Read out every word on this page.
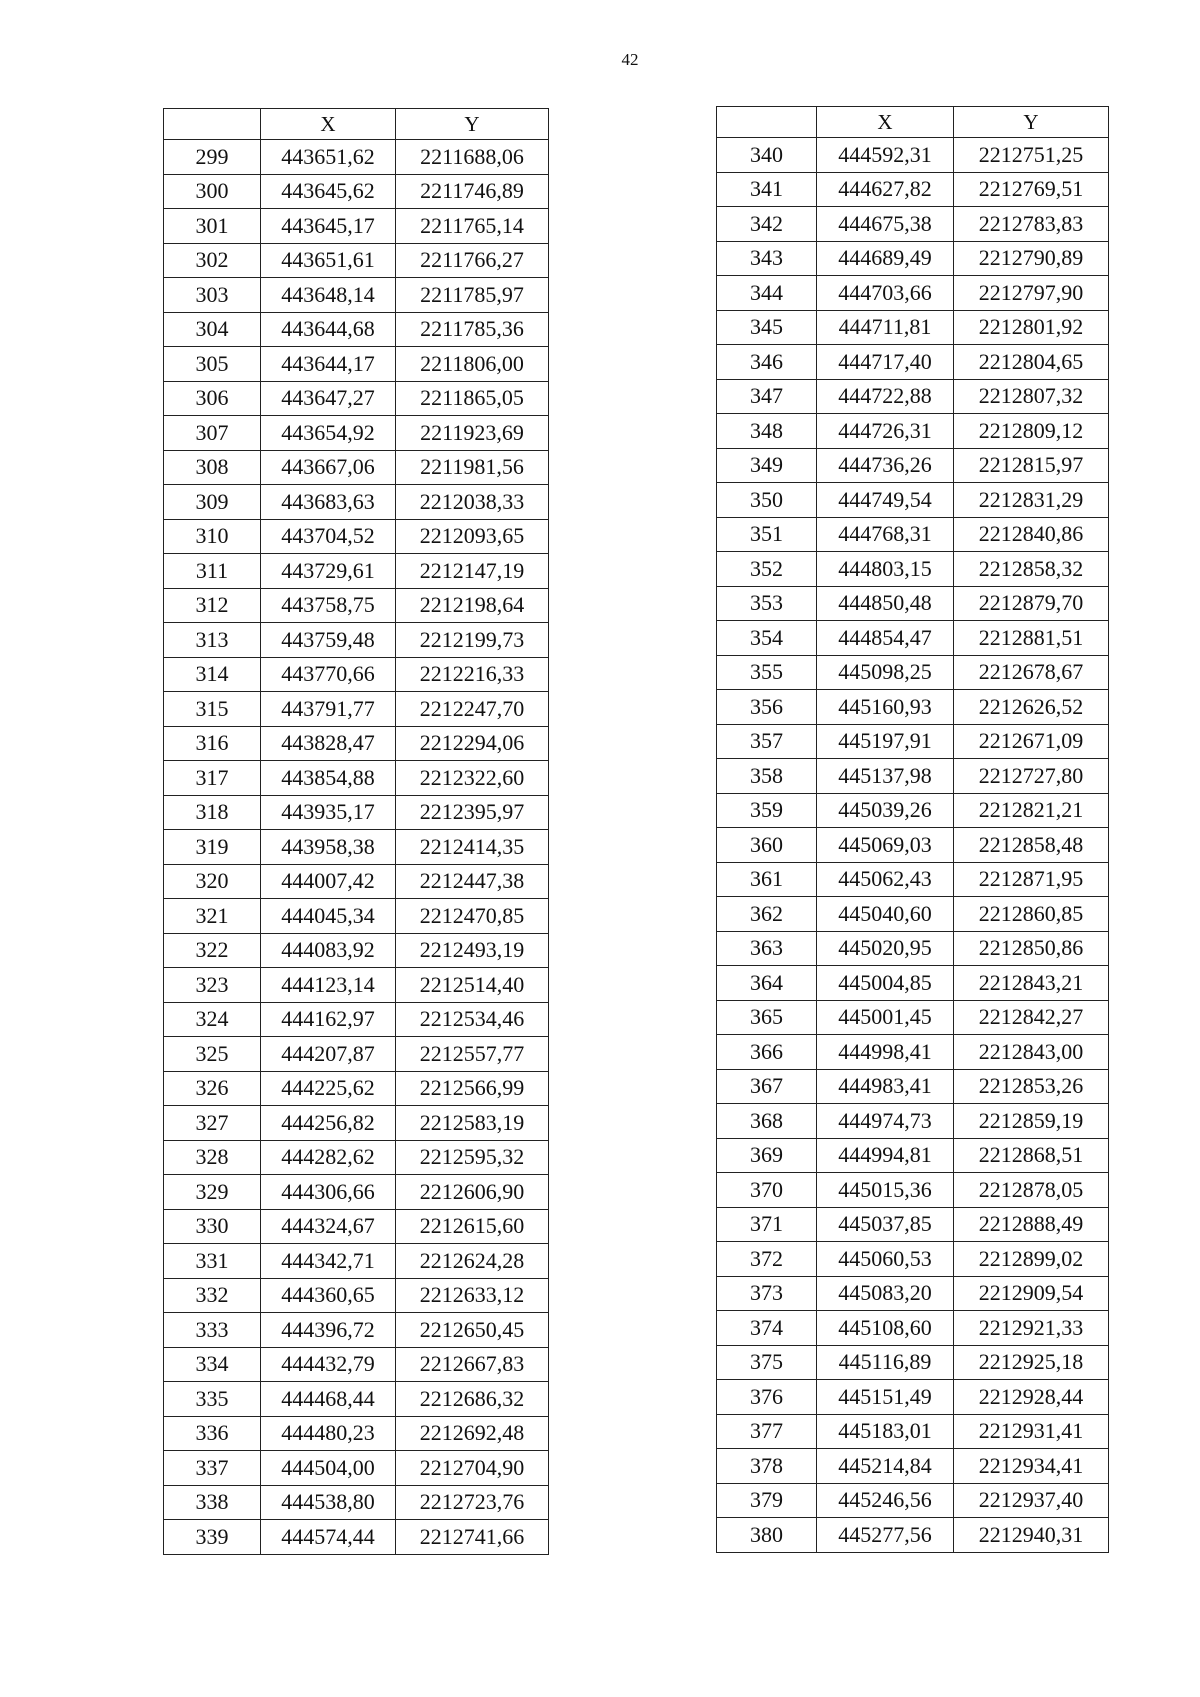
42
	X	Y
299	443651,62	2211688,06
300	443645,62	2211746,89
301	443645,17	2211765,14
302	443651,61	2211766,27
303	443648,14	2211785,97
304	443644,68	2211785,36
305	443644,17	2211806,00
306	443647,27	2211865,05
307	443654,92	2211923,69
308	443667,06	2211981,56
309	443683,63	2212038,33
310	443704,52	2212093,65
311	443729,61	2212147,19
312	443758,75	2212198,64
313	443759,48	2212199,73
314	443770,66	2212216,33
315	443791,77	2212247,70
316	443828,47	2212294,06
317	443854,88	2212322,60
318	443935,17	2212395,97
319	443958,38	2212414,35
320	444007,42	2212447,38
321	444045,34	2212470,85
322	444083,92	2212493,19
323	444123,14	2212514,40
324	444162,97	2212534,46
325	444207,87	2212557,77
326	444225,62	2212566,99
327	444256,82	2212583,19
328	444282,62	2212595,32
329	444306,66	2212606,90
330	444324,67	2212615,60
331	444342,71	2212624,28
332	444360,65	2212633,12
333	444396,72	2212650,45
334	444432,79	2212667,83
335	444468,44	2212686,32
336	444480,23	2212692,48
337	444504,00	2212704,90
338	444538,80	2212723,76
339	444574,44	2212741,66
	X	Y
340	444592,31	2212751,25
341	444627,82	2212769,51
342	444675,38	2212783,83
343	444689,49	2212790,89
344	444703,66	2212797,90
345	444711,81	2212801,92
346	444717,40	2212804,65
347	444722,88	2212807,32
348	444726,31	2212809,12
349	444736,26	2212815,97
350	444749,54	2212831,29
351	444768,31	2212840,86
352	444803,15	2212858,32
353	444850,48	2212879,70
354	444854,47	2212881,51
355	445098,25	2212678,67
356	445160,93	2212626,52
357	445197,91	2212671,09
358	445137,98	2212727,80
359	445039,26	2212821,21
360	445069,03	2212858,48
361	445062,43	2212871,95
362	445040,60	2212860,85
363	445020,95	2212850,86
364	445004,85	2212843,21
365	445001,45	2212842,27
366	444998,41	2212843,00
367	444983,41	2212853,26
368	444974,73	2212859,19
369	444994,81	2212868,51
370	445015,36	2212878,05
371	445037,85	2212888,49
372	445060,53	2212899,02
373	445083,20	2212909,54
374	445108,60	2212921,33
375	445116,89	2212925,18
376	445151,49	2212928,44
377	445183,01	2212931,41
378	445214,84	2212934,41
379	445246,56	2212937,40
380	445277,56	2212940,31
